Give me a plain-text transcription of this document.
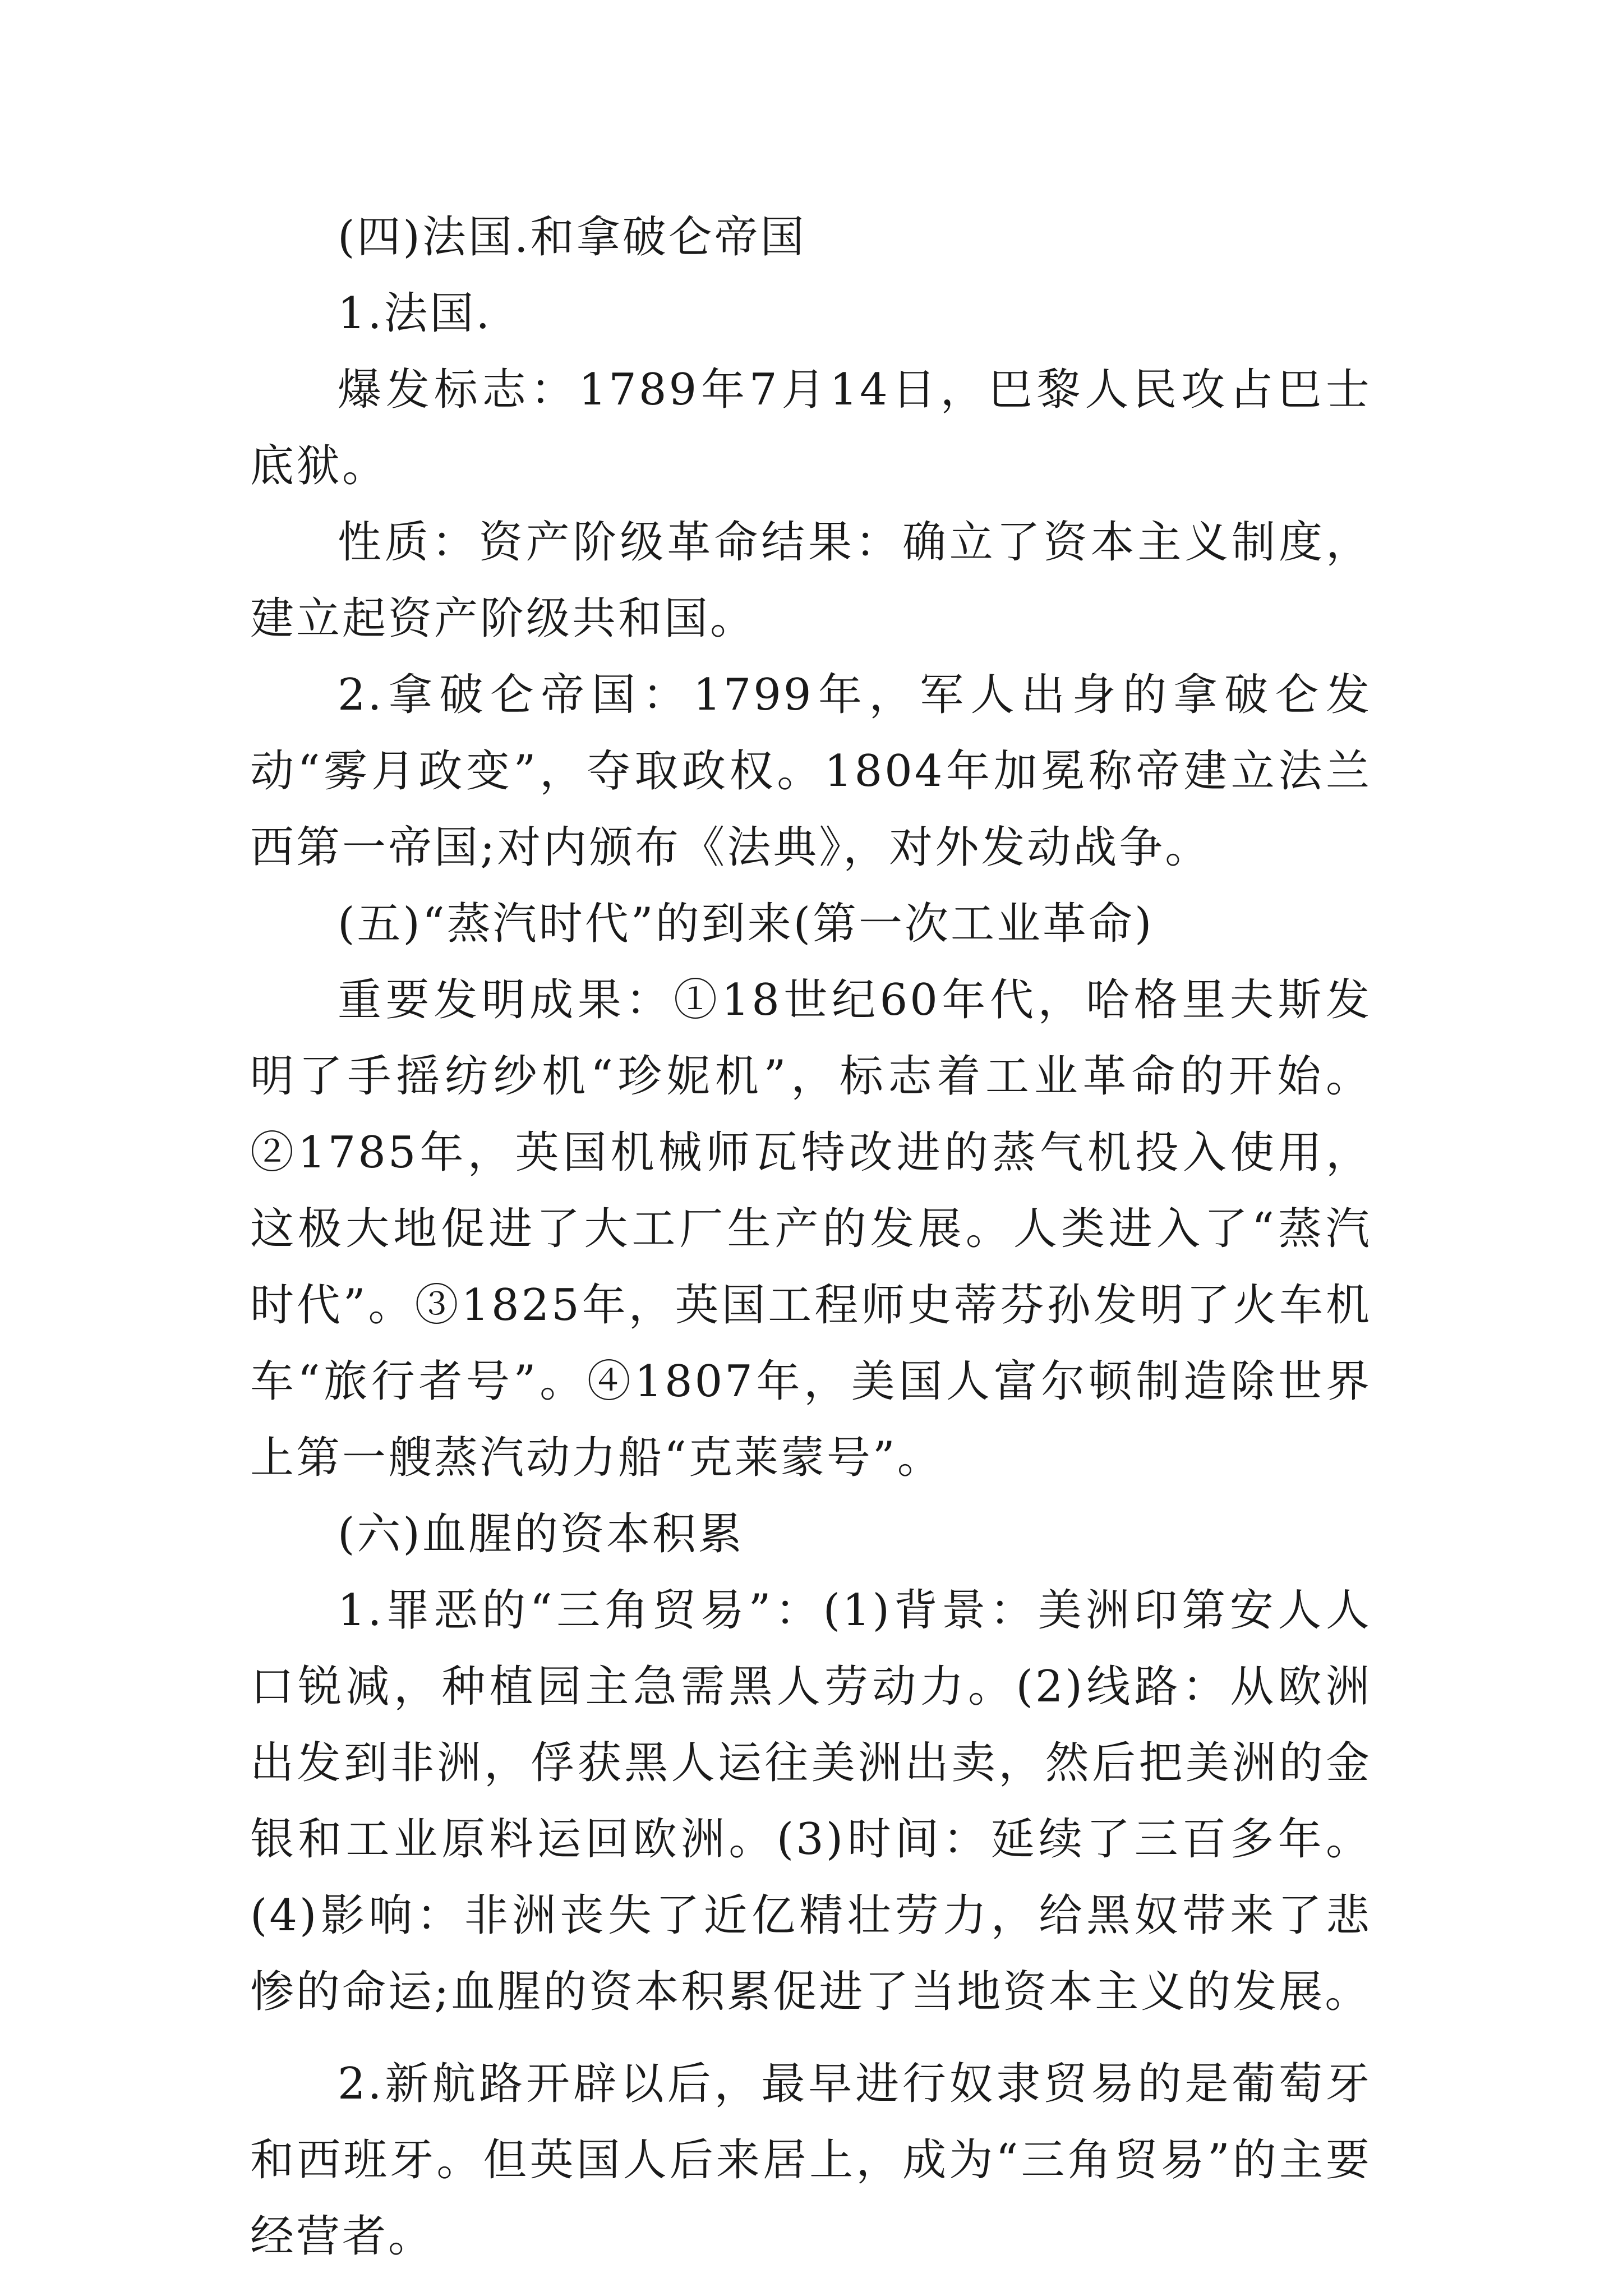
(四)法国.和拿破仑帝国

1.法国.

爆发标志：1789年7月14日，巴黎人民攻占巴士底狱。

性质：资产阶级革命结果：确立了资本主义制度，建立起资产阶级共和国。

2.拿破仑帝国：1799年，军人出身的拿破仑发动“雾月政变”，夺取政权。1804年加冕称帝建立法兰西第一帝国;对内颁布《法典》，对外发动战争。

(五)“蒸汽时代”的到来(第一次工业革命)

重要发明成果：①18世纪60年代，哈格里夫斯发明了手摇纺纱机“珍妮机”，标志着工业革命的开始。②1785年，英国机械师瓦特改进的蒸气机投入使用，这极大地促进了大工厂生产的发展。人类进入了“蒸汽时代”。③1825年，英国工程师史蒂芬孙发明了火车机车“旅行者号”。④1807年，美国人富尔顿制造除世界上第一艘蒸汽动力船“克莱蒙号”。

(六)血腥的资本积累

1.罪恶的“三角贸易”：(1)背景：美洲印第安人人口锐减，种植园主急需黑人劳动力。(2)线路：从欧洲出发到非洲，俘获黑人运往美洲出卖，然后把美洲的金银和工业原料运回欧洲。(3)时间：延续了三百多年。(4)影响：非洲丧失了近亿精壮劳力，给黑奴带来了悲惨的命运;血腥的资本积累促进了当地资本主义的发展。

2.新航路开辟以后，最早进行奴隶贸易的是葡萄牙和西班牙。但英国人后来居上，成为“三角贸易”的主要经营者。
